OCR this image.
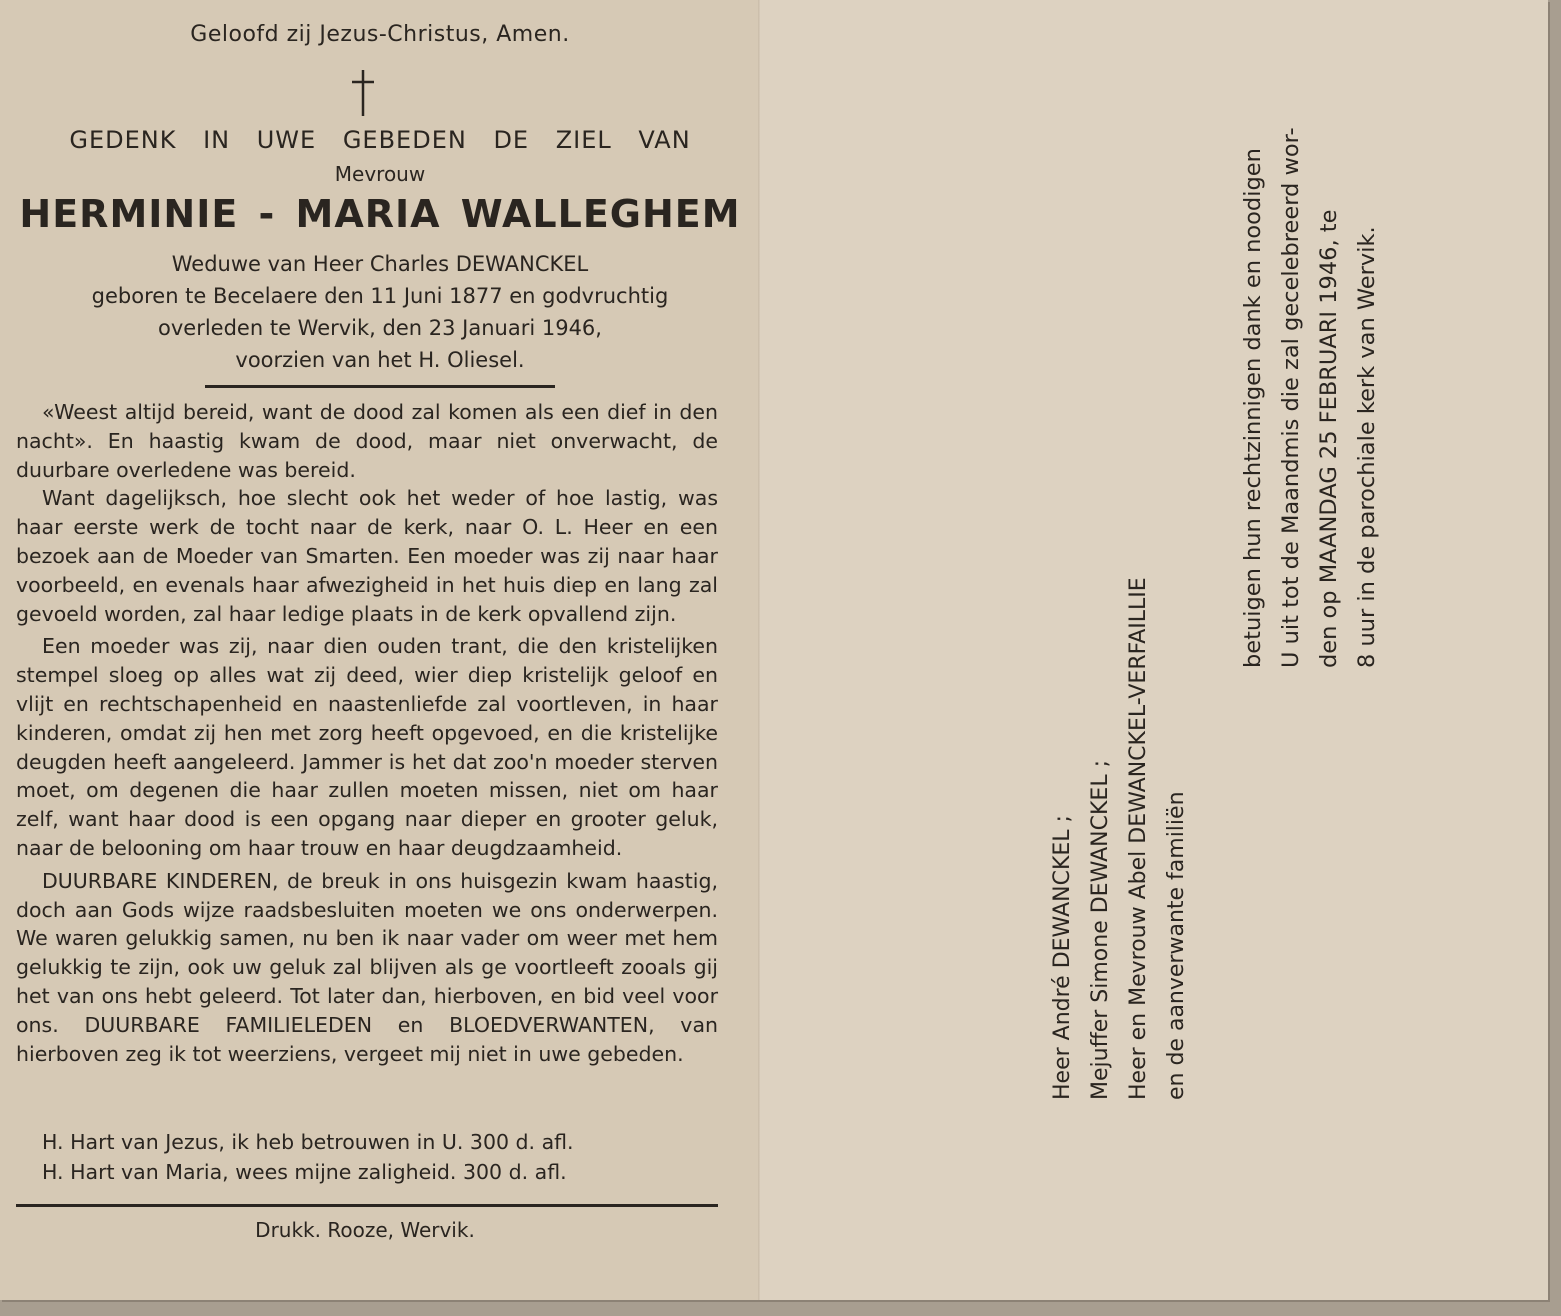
Geloofd zij Jezus-Christus, Amen.
GEDENK IN UWE GEBEDEN DE ZIEL VAN
Mevrouw
HERMINIE - MARIA WALLEGHEM
Weduwe van Heer Charles DEWANCKEL
geboren te Becelaere den 11 Juni 1877 en godvruchtig
overleden te Wervik, den 23 Januari 1946,
voorzien van het H. Oliesel.

«Weest altijd bereid, want de dood zal komen als een dief in den nacht». En haastig kwam de dood, maar niet onverwacht, de duurbare overledene was bereid.

Want dagelijksch, hoe slecht ook het weder of hoe lastig, was haar eerste werk de tocht naar de kerk, naar O. L. Heer en een bezoek aan de Moeder van Smarten. Een moeder was zij naar haar voorbeeld, en evenals haar afwezigheid in het huis diep en lang zal gevoeld worden, zal haar ledige plaats in de kerk opvallend zijn.

Een moeder was zij, naar dien ouden trant, die den kristelijken stempel sloeg op alles wat zij deed, wier diep kristelijk geloof en vlijt en rechtschapenheid en naastenliefde zal voortleven, in haar kinderen, omdat zij hen met zorg heeft opgevoed, en die kristelijke deugden heeft aangeleerd. Jammer is het dat zoo'n moeder sterven moet, om degenen die haar zullen moeten missen, niet om haar zelf, want haar dood is een opgang naar dieper en grooter geluk, naar de belooning om haar trouw en haar deugdzaamheid.

DUURBARE KINDEREN, de breuk in ons huisgezin kwam haastig, doch aan Gods wijze raadsbesluiten moeten we ons onderwerpen. We waren gelukkig samen, nu ben ik naar vader om weer met hem gelukkig te zijn, ook uw geluk zal blijven als ge voortleeft zooals gij het van ons hebt geleerd. Tot later dan, hierboven, en bid veel voor ons. DUURBARE FAMILIELEDEN en BLOEDVERWANTEN, van hierboven zeg ik tot weerziens, vergeet mij niet in uwe gebeden.

H. Hart van Jezus, ik heb betrouwen in U. 300 d. afl.
H. Hart van Maria, wees mijne zaligheid. 300 d. afl.
Drukk. Rooze, Wervik.
Heer André DEWANCKEL ; Mejuffer Simone DEWANCKEL ; Heer en Mevrouw Abel DEWANCKEL-VERFAILLIE en de aanverwante familiën
betuigen hun rechtzinnigen dank en noodigen U uit tot de Maandmis die zal gecelebreerd wor- den op MAANDAG 25 FEBRUARI 1946, te 8 uur in de parochiale kerk van Wervik.
